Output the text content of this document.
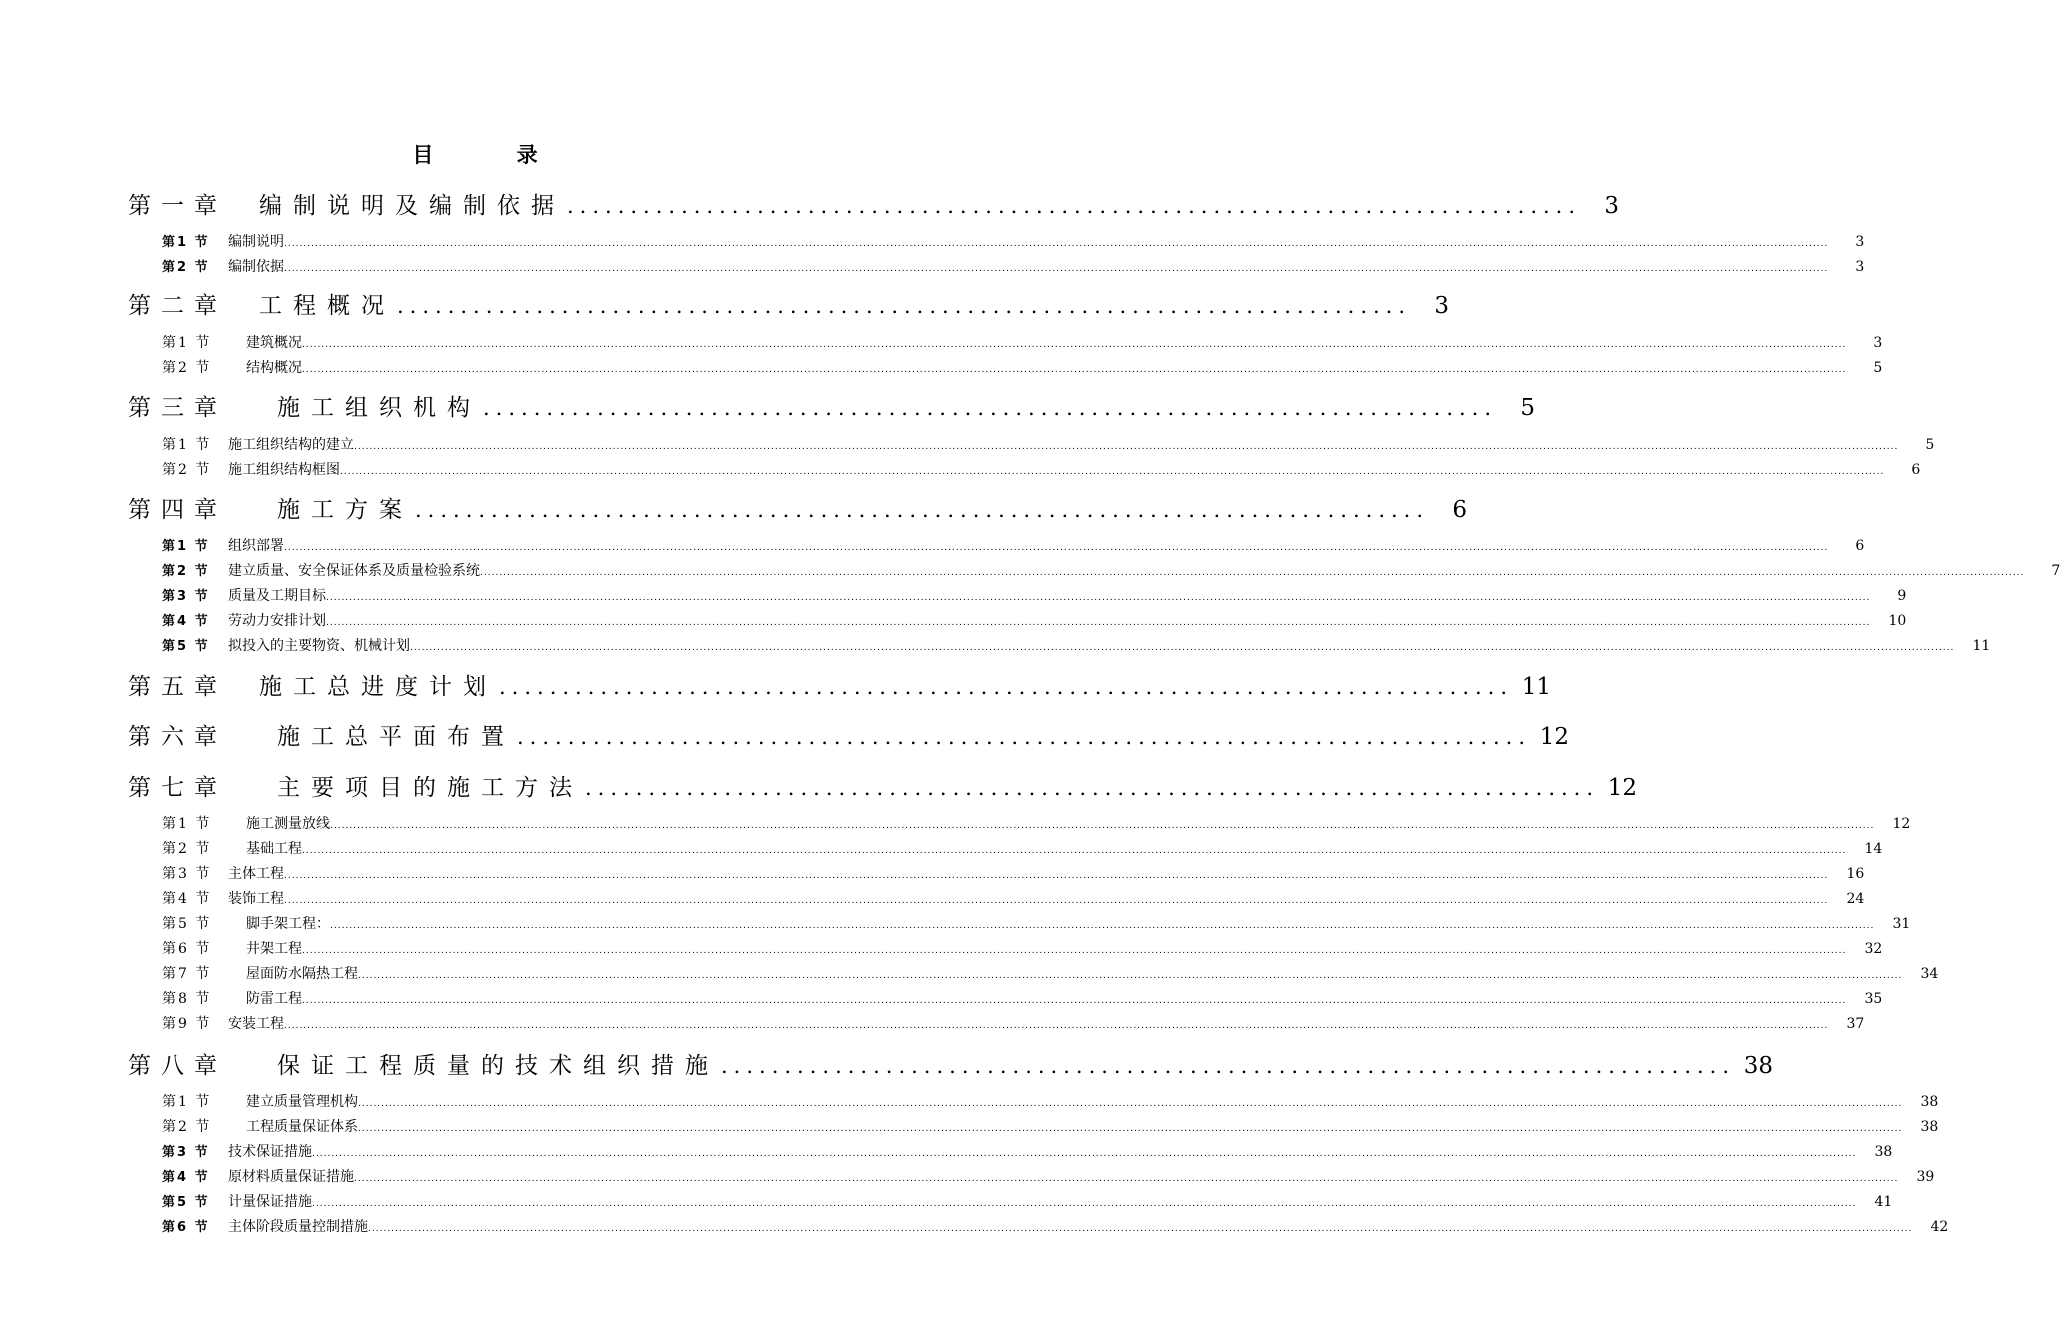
目 录
第一章 编制说明及编制依据 ................................................................................	3
第1 节	编制说明 ................................................................................................................................................................................................................................................................................................................................................................................................................	3
第2 节	编制依据 ................................................................................................................................................................................................................................................................................................................................................................................................................	3
第二章 工程概况 ................................................................................	3
第1 节	建筑概况 ................................................................................................................................................................................................................................................................................................................................................................................................................	3
第2 节	结构概况 ................................................................................................................................................................................................................................................................................................................................................................................................................	5
第三章 施工组织机构 ................................................................................	5
第1 节	施工组织结构的建立 ................................................................................................................................................................................................................................................................................................................................................................................................................	5
第2 节	施工组织结构框图 ................................................................................................................................................................................................................................................................................................................................................................................................................	6
第四章 施工方案 ................................................................................	6
第1 节	组织部署 ................................................................................................................................................................................................................................................................................................................................................................................................................	6
第2 节	建立质量、安全保证体系及质量检验系统 ................................................................................................................................................................................................................................................................................................................................................................................................................	7
第3 节	质量及工期目标 ................................................................................................................................................................................................................................................................................................................................................................................................................	9
第4 节	劳动力安排计划 ................................................................................................................................................................................................................................................................................................................................................................................................................	10
第5 节	拟投入的主要物资、机械计划 ................................................................................................................................................................................................................................................................................................................................................................................................................	11
第五章 施工总进度计划 ................................................................................ 11
第六章 施工总平面布置 ................................................................................ 12
第七章 主要项目的施工方法 ................................................................................ 12
第1 节	施工测量放线 ................................................................................................................................................................................................................................................................................................................................................................................................................	12
第2 节	基础工程 ................................................................................................................................................................................................................................................................................................................................................................................................................	14
第3 节	主体工程 ................................................................................................................................................................................................................................................................................................................................................................................................................	16
第4 节	装饰工程 ................................................................................................................................................................................................................................................................................................................................................................................................................	24
第5 节	脚手架工程： ................................................................................................................................................................................................................................................................................................................................................................................................................	31
第6 节	井架工程 ................................................................................................................................................................................................................................................................................................................................................................................................................	32
第7 节	屋面防水隔热工程 ................................................................................................................................................................................................................................................................................................................................................................................................................	34
第8 节	防雷工程 ................................................................................................................................................................................................................................................................................................................................................................................................................	35
第9 节	安装工程 ................................................................................................................................................................................................................................................................................................................................................................................................................	37
第八章 保证工程质量的技术组织措施 ................................................................................ 38
第1 节	建立质量管理机构 ................................................................................................................................................................................................................................................................................................................................................................................................................	38
第2 节	工程质量保证体系 ................................................................................................................................................................................................................................................................................................................................................................................................................	38
第3 节	技术保证措施 ................................................................................................................................................................................................................................................................................................................................................................................................................	38
第4 节	原材料质量保证措施 ................................................................................................................................................................................................................................................................................................................................................................................................................	39
第5 节	计量保证措施 ................................................................................................................................................................................................................................................................................................................................................................................................................	41
第6 节	主体阶段质量控制措施 ................................................................................................................................................................................................................................................................................................................................................................................................................	42
